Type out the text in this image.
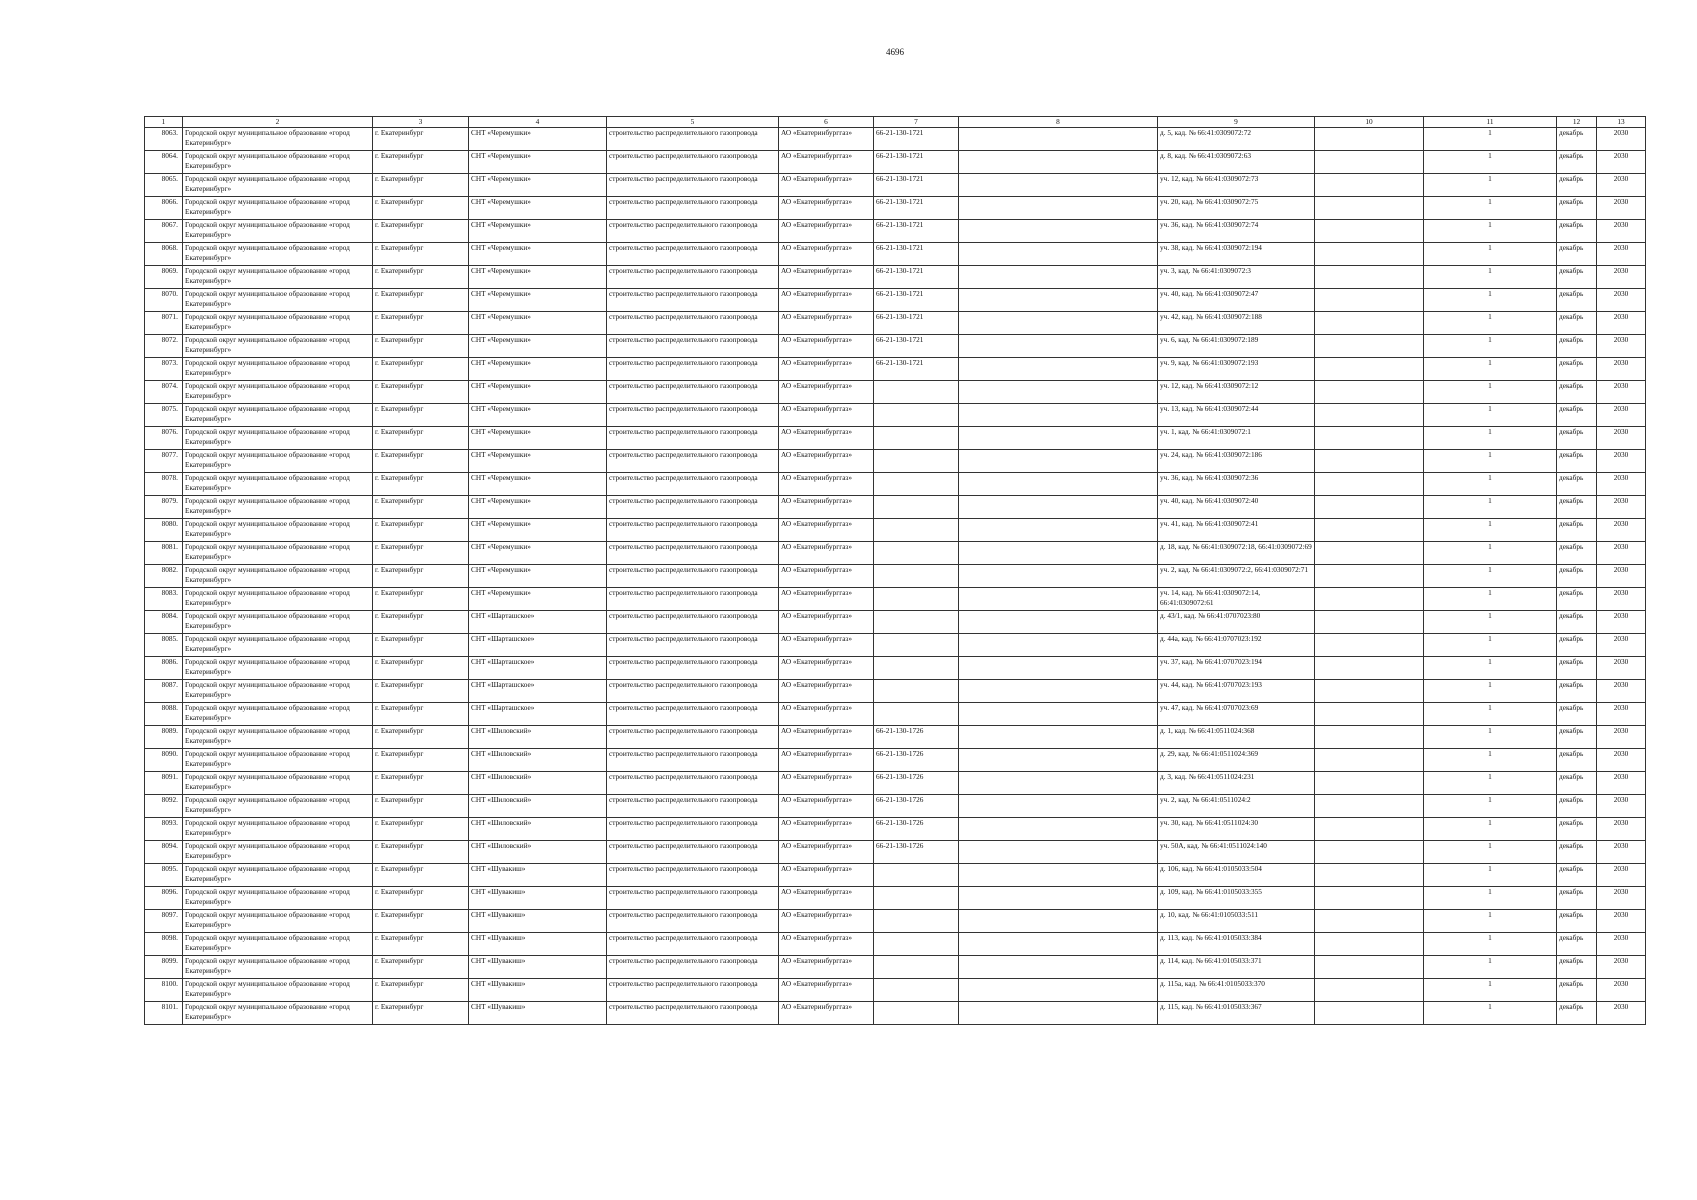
4696
1	2	3	4	5	6	7	8	9	10	11	12	13
8063.	Городской округ муниципальное образование «город Екатеринбург»	г. Екатеринбург	СНТ «Черемушки»	строительство распределительного газопровода	АО «Екатеринбурггаз»	66-21-130-1721		д. 5, кад. № 66:41:0309072:72		1	декабрь	2030
8064.	Городской округ муниципальное образование «город Екатеринбург»	г. Екатеринбург	СНТ «Черемушки»	строительство распределительного газопровода	АО «Екатеринбурггаз»	66-21-130-1721		д. 8, кад. № 66:41:0309072:63		1	декабрь	2030
8065.	Городской округ муниципальное образование «город Екатеринбург»	г. Екатеринбург	СНТ «Черемушки»	строительство распределительного газопровода	АО «Екатеринбурггаз»	66-21-130-1721		уч. 12, кад. № 66:41:0309072:73		1	декабрь	2030
8066.	Городской округ муниципальное образование «город Екатеринбург»	г. Екатеринбург	СНТ «Черемушки»	строительство распределительного газопровода	АО «Екатеринбурггаз»	66-21-130-1721		уч. 20, кад. № 66:41:0309072:75		1	декабрь	2030
8067.	Городской округ муниципальное образование «город Екатеринбург»	г. Екатеринбург	СНТ «Черемушки»	строительство распределительного газопровода	АО «Екатеринбурггаз»	66-21-130-1721		уч. 36, кад. № 66:41:0309072:74		1	декабрь	2030
8068.	Городской округ муниципальное образование «город Екатеринбург»	г. Екатеринбург	СНТ «Черемушки»	строительство распределительного газопровода	АО «Екатеринбурггаз»	66-21-130-1721		уч. 38, кад. № 66:41:0309072:194		1	декабрь	2030
8069.	Городской округ муниципальное образование «город Екатеринбург»	г. Екатеринбург	СНТ «Черемушки»	строительство распределительного газопровода	АО «Екатеринбурггаз»	66-21-130-1721		уч. 3, кад. № 66:41:0309072:3		1	декабрь	2030
8070.	Городской округ муниципальное образование «город Екатеринбург»	г. Екатеринбург	СНТ «Черемушки»	строительство распределительного газопровода	АО «Екатеринбурггаз»	66-21-130-1721		уч. 40, кад. № 66:41:0309072:47		1	декабрь	2030
8071.	Городской округ муниципальное образование «город Екатеринбург»	г. Екатеринбург	СНТ «Черемушки»	строительство распределительного газопровода	АО «Екатеринбурггаз»	66-21-130-1721		уч. 42, кад. № 66:41:0309072:188		1	декабрь	2030
8072.	Городской округ муниципальное образование «город Екатеринбург»	г. Екатеринбург	СНТ «Черемушки»	строительство распределительного газопровода	АО «Екатеринбурггаз»	66-21-130-1721		уч. 6, кад. № 66:41:0309072:189		1	декабрь	2030
8073.	Городской округ муниципальное образование «город Екатеринбург»	г. Екатеринбург	СНТ «Черемушки»	строительство распределительного газопровода	АО «Екатеринбурггаз»	66-21-130-1721		уч. 9, кад. № 66:41:0309072:193		1	декабрь	2030
8074.	Городской округ муниципальное образование «город Екатеринбург»	г. Екатеринбург	СНТ «Черемушки»	строительство распределительного газопровода	АО «Екатеринбурггаз»			уч. 12, кад. № 66:41:0309072:12		1	декабрь	2030
8075.	Городской округ муниципальное образование «город Екатеринбург»	г. Екатеринбург	СНТ «Черемушки»	строительство распределительного газопровода	АО «Екатеринбурггаз»			уч. 13, кад. № 66:41:0309072:44		1	декабрь	2030
8076.	Городской округ муниципальное образование «город Екатеринбург»	г. Екатеринбург	СНТ «Черемушки»	строительство распределительного газопровода	АО «Екатеринбурггаз»			уч. 1, кад. № 66:41:0309072:1		1	декабрь	2030
8077.	Городской округ муниципальное образование «город Екатеринбург»	г. Екатеринбург	СНТ «Черемушки»	строительство распределительного газопровода	АО «Екатеринбурггаз»			уч. 24, кад. № 66:41:0309072:186		1	декабрь	2030
8078.	Городской округ муниципальное образование «город Екатеринбург»	г. Екатеринбург	СНТ «Черемушки»	строительство распределительного газопровода	АО «Екатеринбурггаз»			уч. 36, кад. № 66:41:0309072:36		1	декабрь	2030
8079.	Городской округ муниципальное образование «город Екатеринбург»	г. Екатеринбург	СНТ «Черемушки»	строительство распределительного газопровода	АО «Екатеринбурггаз»			уч. 40, кад. № 66:41:0309072:40		1	декабрь	2030
8080.	Городской округ муниципальное образование «город Екатеринбург»	г. Екатеринбург	СНТ «Черемушки»	строительство распределительного газопровода	АО «Екатеринбурггаз»			уч. 41, кад. № 66:41:0309072:41		1	декабрь	2030
8081.	Городской округ муниципальное образование «город Екатеринбург»	г. Екатеринбург	СНТ «Черемушки»	строительство распределительного газопровода	АО «Екатеринбурггаз»			д. 18, кад. № 66:41:0309072:18, 66:41:0309072:69		1	декабрь	2030
8082.	Городской округ муниципальное образование «город Екатеринбург»	г. Екатеринбург	СНТ «Черемушки»	строительство распределительного газопровода	АО «Екатеринбурггаз»			уч. 2, кад. № 66:41:0309072:2, 66:41:0309072:71		1	декабрь	2030
8083.	Городской округ муниципальное образование «город Екатеринбург»	г. Екатеринбург	СНТ «Черемушки»	строительство распределительного газопровода	АО «Екатеринбурггаз»			уч. 14, кад. № 66:41:0309072:14, 66:41:0309072:61		1	декабрь	2030
8084.	Городской округ муниципальное образование «город Екатеринбург»	г. Екатеринбург	СНТ «Шарташское»	строительство распределительного газопровода	АО «Екатеринбурггаз»			д. 43/1, кад. № 66:41:0707023:80		1	декабрь	2030
8085.	Городской округ муниципальное образование «город Екатеринбург»	г. Екатеринбург	СНТ «Шарташское»	строительство распределительного газопровода	АО «Екатеринбурггаз»			д. 44а, кад. № 66:41:0707023:192		1	декабрь	2030
8086.	Городской округ муниципальное образование «город Екатеринбург»	г. Екатеринбург	СНТ «Шарташское»	строительство распределительного газопровода	АО «Екатеринбурггаз»			уч. 37, кад. № 66:41:0707023:194		1	декабрь	2030
8087.	Городской округ муниципальное образование «город Екатеринбург»	г. Екатеринбург	СНТ «Шарташское»	строительство распределительного газопровода	АО «Екатеринбурггаз»			уч. 44, кад. № 66:41:0707023:193		1	декабрь	2030
8088.	Городской округ муниципальное образование «город Екатеринбург»	г. Екатеринбург	СНТ «Шарташское»	строительство распределительного газопровода	АО «Екатеринбурггаз»			уч. 47, кад. № 66:41:0707023:69		1	декабрь	2030
8089.	Городской округ муниципальное образование «город Екатеринбург»	г. Екатеринбург	СНТ «Шиловский»	строительство распределительного газопровода	АО «Екатеринбурггаз»	66-21-130-1726		д. 1, кад. № 66:41:0511024:368		1	декабрь	2030
8090.	Городской округ муниципальное образование «город Екатеринбург»	г. Екатеринбург	СНТ «Шиловский»	строительство распределительного газопровода	АО «Екатеринбурггаз»	66-21-130-1726		д. 29, кад. № 66:41:0511024:369		1	декабрь	2030
8091.	Городской округ муниципальное образование «город Екатеринбург»	г. Екатеринбург	СНТ «Шиловский»	строительство распределительного газопровода	АО «Екатеринбурггаз»	66-21-130-1726		д. 3, кад. № 66:41:0511024:231		1	декабрь	2030
8092.	Городской округ муниципальное образование «город Екатеринбург»	г. Екатеринбург	СНТ «Шиловский»	строительство распределительного газопровода	АО «Екатеринбурггаз»	66-21-130-1726		уч. 2, кад. № 66:41:0511024:2		1	декабрь	2030
8093.	Городской округ муниципальное образование «город Екатеринбург»	г. Екатеринбург	СНТ «Шиловский»	строительство распределительного газопровода	АО «Екатеринбурггаз»	66-21-130-1726		уч. 30, кад. № 66:41:0511024:30		1	декабрь	2030
8094.	Городской округ муниципальное образование «город Екатеринбург»	г. Екатеринбург	СНТ «Шиловский»	строительство распределительного газопровода	АО «Екатеринбурггаз»	66-21-130-1726		уч. 50А, кад. № 66:41:0511024:140		1	декабрь	2030
8095.	Городской округ муниципальное образование «город Екатеринбург»	г. Екатеринбург	СНТ «Шувакиш»	строительство распределительного газопровода	АО «Екатеринбурггаз»			д. 106, кад. № 66:41:0105033:504		1	декабрь	2030
8096.	Городской округ муниципальное образование «город Екатеринбург»	г. Екатеринбург	СНТ «Шувакиш»	строительство распределительного газопровода	АО «Екатеринбурггаз»			д. 109, кад. № 66:41:0105033:355		1	декабрь	2030
8097.	Городской округ муниципальное образование «город Екатеринбург»	г. Екатеринбург	СНТ «Шувакиш»	строительство распределительного газопровода	АО «Екатеринбурггаз»			д. 10, кад. № 66:41:0105033:511		1	декабрь	2030
8098.	Городской округ муниципальное образование «город Екатеринбург»	г. Екатеринбург	СНТ «Шувакиш»	строительство распределительного газопровода	АО «Екатеринбурггаз»			д. 113, кад. № 66:41:0105033:384		1	декабрь	2030
8099.	Городской округ муниципальное образование «город Екатеринбург»	г. Екатеринбург	СНТ «Шувакиш»	строительство распределительного газопровода	АО «Екатеринбурггаз»			д. 114, кад. № 66:41:0105033:371		1	декабрь	2030
8100.	Городской округ муниципальное образование «город Екатеринбург»	г. Екатеринбург	СНТ «Шувакиш»	строительство распределительного газопровода	АО «Екатеринбурггаз»			д. 115а, кад. № 66:41:0105033:370		1	декабрь	2030
8101.	Городской округ муниципальное образование «город Екатеринбург»	г. Екатеринбург	СНТ «Шувакиш»	строительство распределительного газопровода	АО «Екатеринбурггаз»			д. 115, кад. № 66:41:0105033:367		1	декабрь	2030
